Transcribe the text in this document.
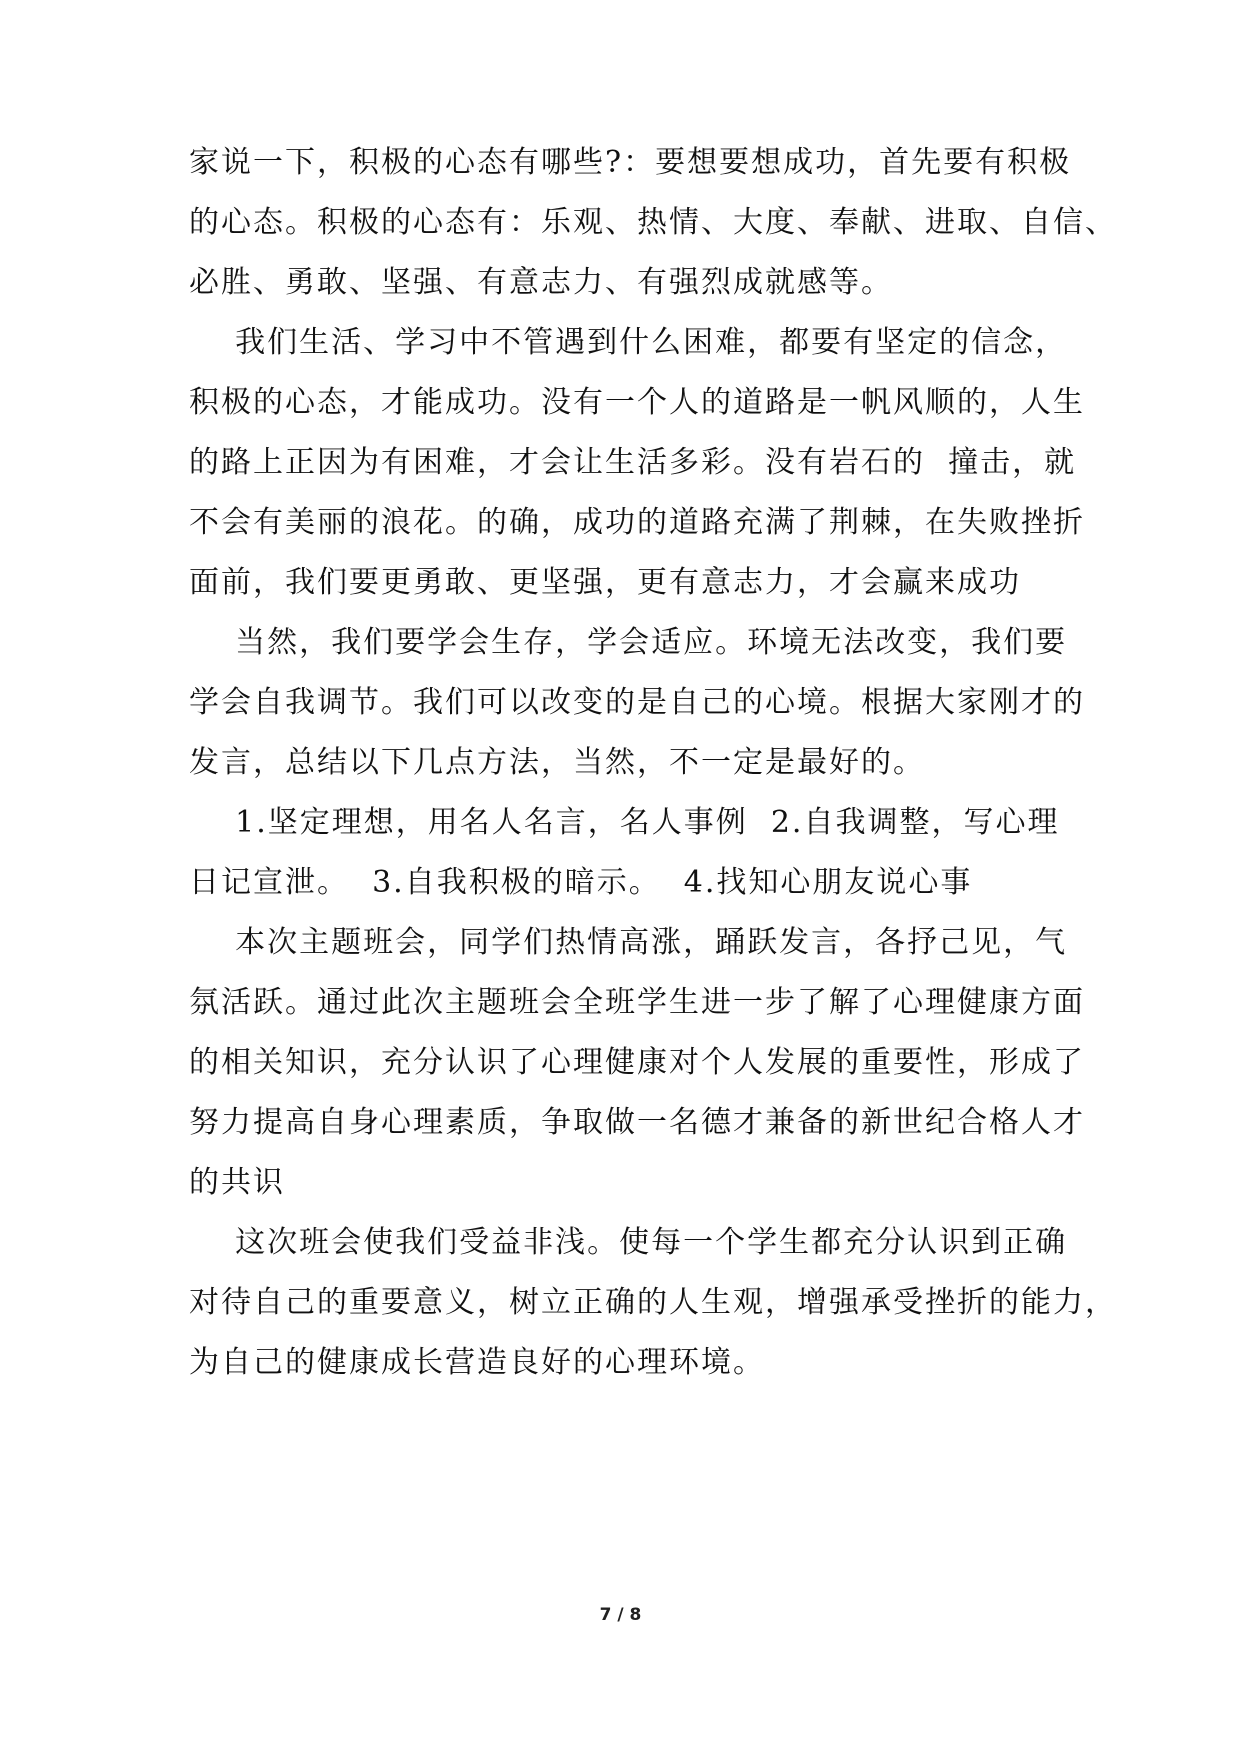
家说一下，积极的心态有哪些?：要想要想成功，首先要有积极
的心态。积极的心态有：乐观、热情、大度、奉献、进取、自信、
必胜、勇敢、坚强、有意志力、有强烈成就感等。
我们生活、学习中不管遇到什么困难，都要有坚定的信念，
积极的心态，才能成功。没有一个人的道路是一帆风顺的，人生
的路上正因为有困难，才会让生活多彩。没有岩石的  撞击，就
不会有美丽的浪花。的确，成功的道路充满了荆棘，在失败挫折
面前，我们要更勇敢、更坚强，更有意志力，才会赢来成功
当然，我们要学会生存，学会适应。环境无法改变，我们要
学会自我调节。我们可以改变的是自己的心境。根据大家刚才的
发言，总结以下几点方法，当然，不一定是最好的。
1.坚定理想，用名人名言，名人事例  2.自我调整，写心理
日记宣泄。  3.自我积极的暗示。  4.找知心朋友说心事
本次主题班会，同学们热情高涨，踊跃发言，各抒己见，气
氛活跃。通过此次主题班会全班学生进一步了解了心理健康方面
的相关知识，充分认识了心理健康对个人发展的重要性，形成了
努力提高自身心理素质，争取做一名德才兼备的新世纪合格人才
的共识
这次班会使我们受益非浅。使每一个学生都充分认识到正确
对待自己的重要意义，树立正确的人生观，增强承受挫折的能力，
为自己的健康成长营造良好的心理环境。
7 / 8
